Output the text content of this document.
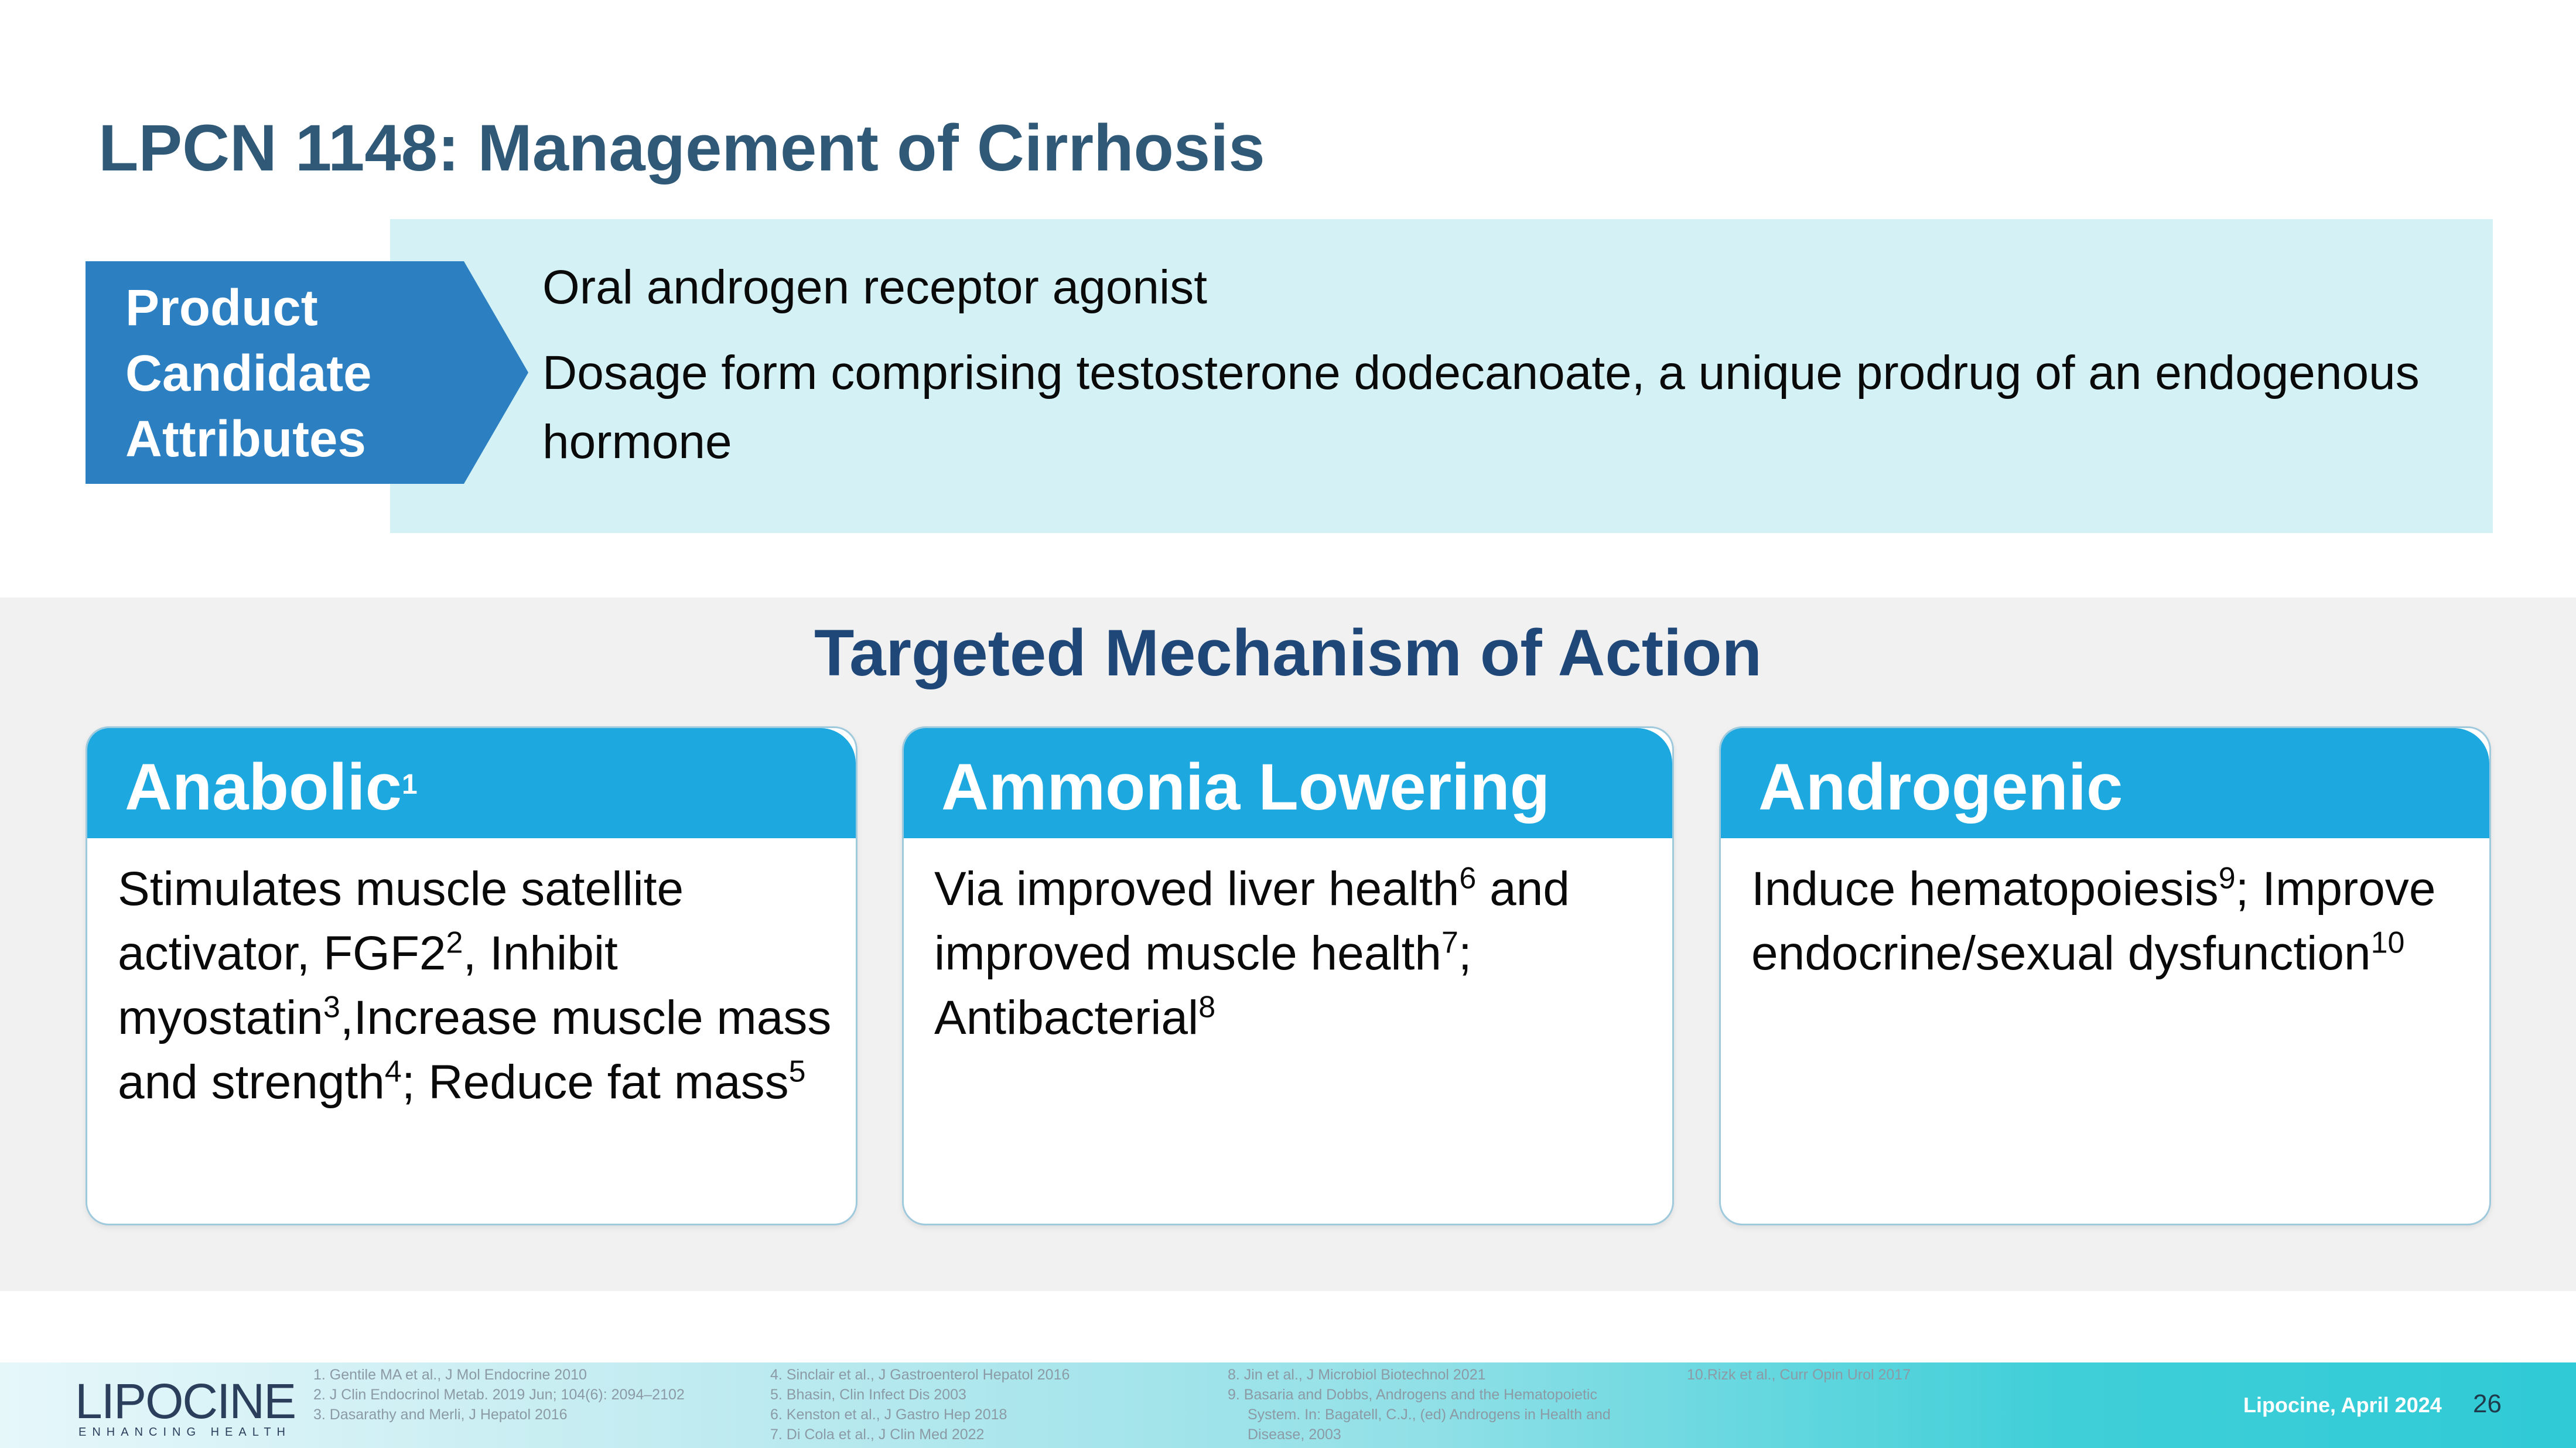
LPCN 1148: Management of Cirrhosis
Product
Candidate
Attributes
Oral androgen receptor agonist
Dosage form comprising testosterone dodecanoate, a unique prodrug of an endogenous hormone
Targeted Mechanism of Action
Anabolic$^1$
Stimulates muscle satellite activator, $FGF2^2$, Inhibit myostatin$^3$,Increase muscle mass and strength$^4$; Reduce fat mass$^5$
Ammonia Lowering
Via improved liver health$^6$ and improved muscle health$^7$; Antibacterial$^8$
Androgenic
Induce hematopoiesis$^9$; Improve endocrine/sexual dysfunction$^{10}$
LIPOCINE
ENHANCING HEALTH
1. Gentile MA et al., J Mol Endocrine 2010
2. J Clin Endocrinol Metab. 2019 Jun; 104(6): 2094–2102
3. Dasarathy and Merli, J Hepatol 2016
4. Sinclair et al., J Gastroenterol Hepatol 2016
5. Bhasin, Clin Infect Dis 2003
6. Kenston et al., J Gastro Hep 2018
7. Di Cola et al., J Clin Med 2022
8. Jin et al., J Microbiol Biotechnol 2021
9. Basaria and Dobbs, Androgens and the Hematopoietic
System. In: Bagatell, C.J., (ed) Androgens in Health and
Disease, 2003
10.Rizk et al., Curr Opin Urol 2017
Lipocine, April 2024 26
